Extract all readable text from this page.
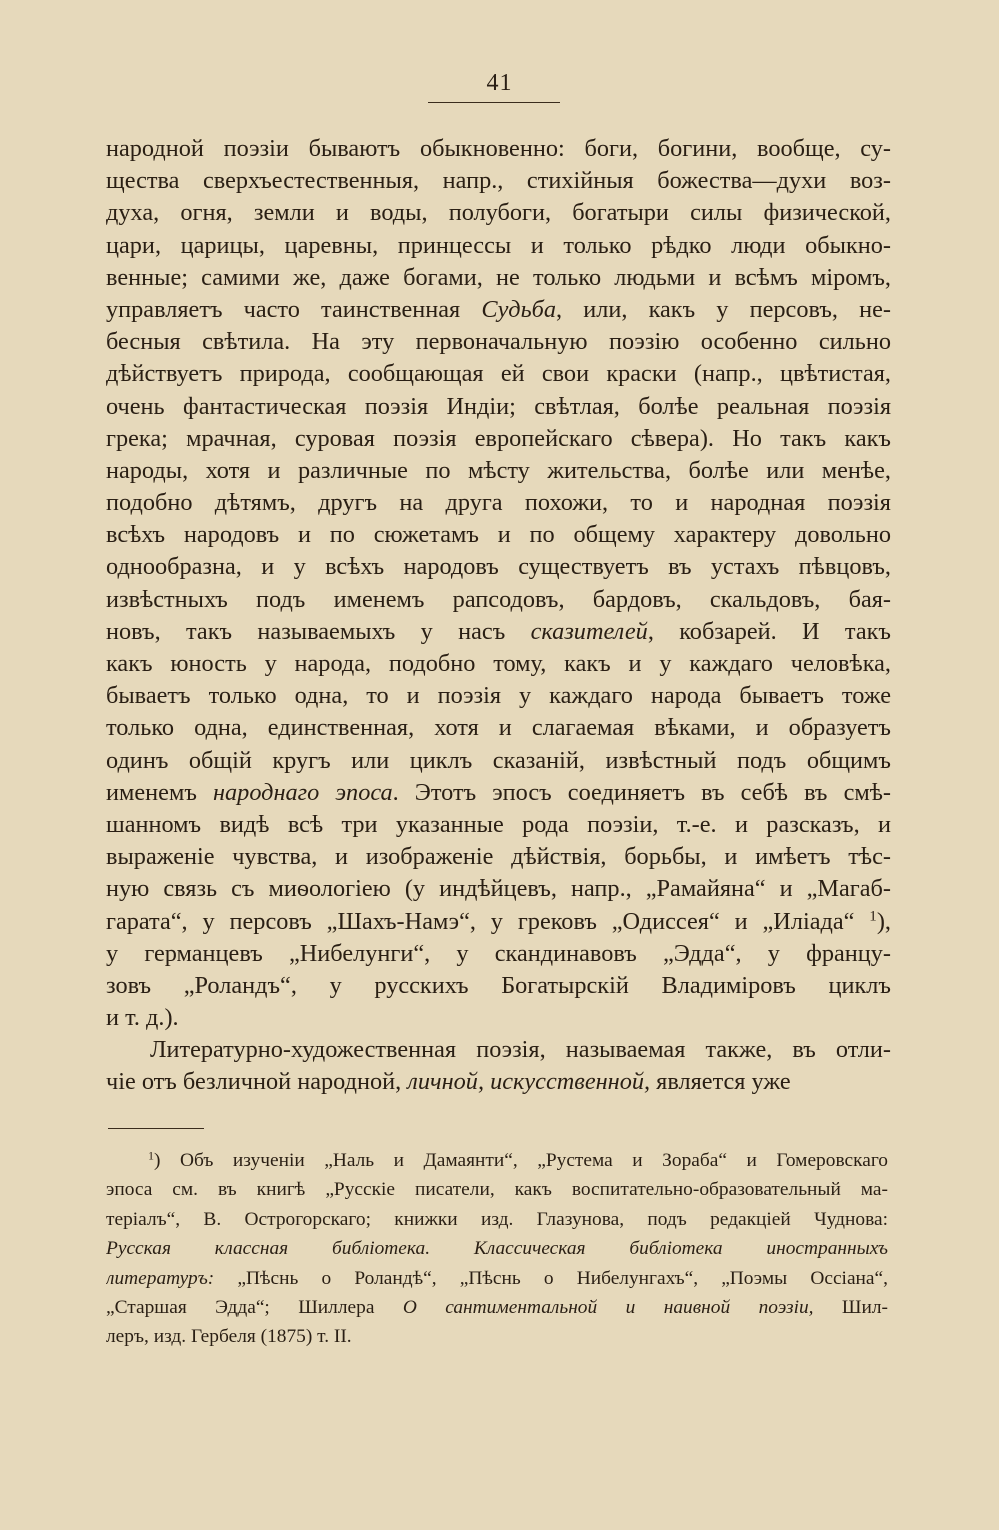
41
народной поэзіи бываютъ обыкновенно: боги, богини, вообще, су-
щества сверхъестественныя, напр., стихійныя божества—духи воз-
духа, огня, земли и воды, полубоги, богатыри силы физической,
цари, царицы, царевны, принцессы и только рѣдко люди обыкно-
венные; самими же, даже богами, не только людьми и всѣмъ міромъ,
управляетъ часто таинственная Судьба, или, какъ у персовъ, не-
бесныя свѣтила. На эту первоначальную поэзію особенно сильно
дѣйствуетъ природа, сообщающая ей свои краски (напр., цвѣтистая,
очень фантастическая поэзія Индіи; свѣтлая, болѣе реальная поэзія
грека; мрачная, суровая поэзія европейскаго сѣвера). Но такъ какъ
народы, хотя и различные по мѣсту жительства, болѣе или менѣе,
подобно дѣтямъ, другъ на друга похожи, то и народная поэзія
всѣхъ народовъ и по сюжетамъ и по общему характеру довольно
однообразна, и у всѣхъ народовъ существуетъ въ устахъ пѣвцовъ,
извѣстныхъ подъ именемъ рапсодовъ, бардовъ, скальдовъ, бая-
новъ, такъ называемыхъ у насъ сказителей, кобзарей. И такъ
какъ юность у народа, подобно тому, какъ и у каждаго человѣка,
бываетъ только одна, то и поэзія у каждаго народа бываетъ тоже
только одна, единственная, хотя и слагаемая вѣками, и образуетъ
одинъ общій кругъ или циклъ сказаній, извѣстный подъ общимъ
именемъ народнаго эпоса. Этотъ эпосъ соединяетъ въ себѣ въ смѣ-
шанномъ видѣ всѣ три указанные рода поэзіи, т.-е. и разсказъ, и
выраженіе чувства, и изображеніе дѣйствія, борьбы, и имѣетъ тѣс-
ную связь съ миѳологіею (у индѣйцевъ, напр., „Рамайяна“ и „Магаб-
гарата“, у персовъ „Шахъ-Намэ“, у грековъ „Одиссея“ и „Иліада“ $^1$),
у германцевъ „Нибелунги“, у скандинавовъ „Эдда“, у францу-
зовъ „Роландъ“, у русскихъ Богатырскій Владиміровъ циклъ
и т. д.).
Литературно-художественная поэзія, называемая также, въ отли-
чіе отъ безличной народной, личной, искусственной, является уже
$^1$) Объ изученіи „Наль и Дамаянти“, „Рустема и Зораба“ и Гомеровскаго
эпоса см. въ книгѣ „Русскіе писатели, какъ воспитательно-образовательный ма-
теріалъ“, В. Острогорскаго; книжки изд. Глазунова, подъ редакціей Чуднова:
Русская классная библіотека. Классическая библіотека иностранныхъ
литературъ: „Пѣснь о Роландѣ“, „Пѣснь о Нибелунгахъ“, „Поэмы Оссіана“,
„Старшая Эдда“; Шиллера О сантиментальной и наивной поэзіи, Шил-
леръ, изд. Гербеля (1875) т. II.
